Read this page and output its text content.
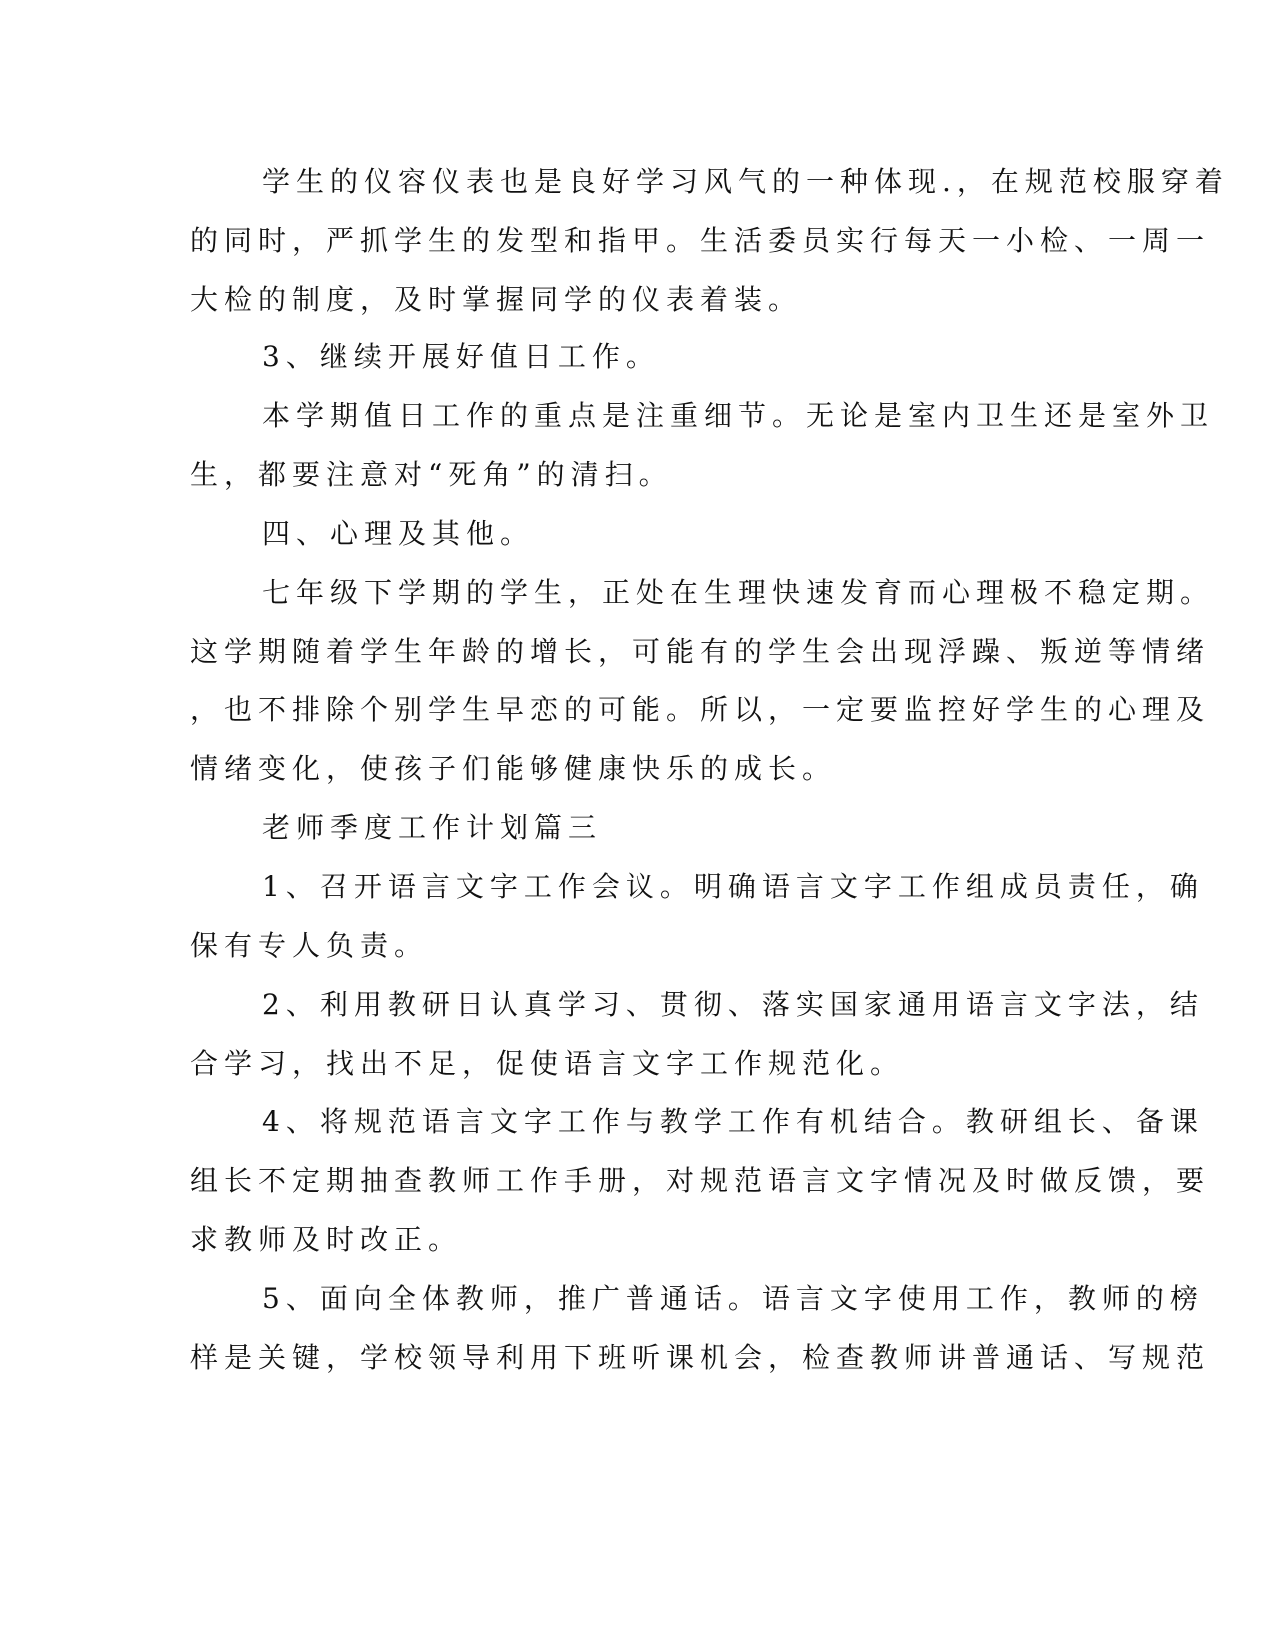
学生的仪容仪表也是良好学习风气的一种体现.，在规范校服穿着
的同时，严抓学生的发型和指甲。生活委员实行每天一小检、一周一
大检的制度，及时掌握同学的仪表着装。
3、继续开展好值日工作。
本学期值日工作的重点是注重细节。无论是室内卫生还是室外卫
生，都要注意对“死角”的清扫。
四、心理及其他。
七年级下学期的学生，正处在生理快速发育而心理极不稳定期。
这学期随着学生年龄的增长，可能有的学生会出现浮躁、叛逆等情绪
，也不排除个别学生早恋的可能。所以，一定要监控好学生的心理及
情绪变化，使孩子们能够健康快乐的成长。
老师季度工作计划篇三
1、召开语言文字工作会议。明确语言文字工作组成员责任，确
保有专人负责。
2、利用教研日认真学习、贯彻、落实国家通用语言文字法，结
合学习，找出不足，促使语言文字工作规范化。
4、将规范语言文字工作与教学工作有机结合。教研组长、备课
组长不定期抽查教师工作手册，对规范语言文字情况及时做反馈，要
求教师及时改正。
5、面向全体教师，推广普通话。语言文字使用工作，教师的榜
样是关键，学校领导利用下班听课机会，检查教师讲普通话、写规范
